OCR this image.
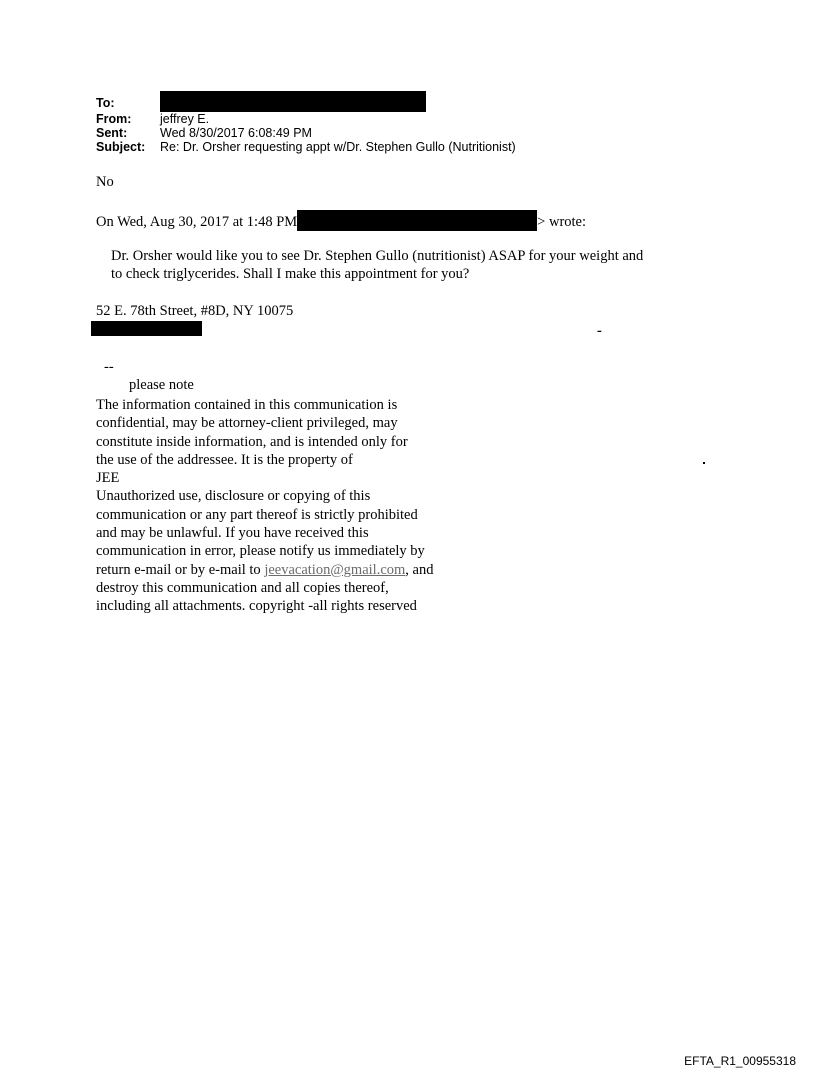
To:
From:	jeffrey E.
Sent:	Wed 8/30/2017 6:08:49 PM
Subject:	Re: Dr. Orsher requesting appt w/Dr. Stephen Gullo (Nutritionist)
No
On Wed, Aug 30, 2017 at 1:48 PM	> wrote:
Dr. Orsher would like you to see Dr. Stephen Gullo (nutritionist) ASAP for your weight and
to check triglycerides. Shall I make this appointment for you?
52 E. 78th Street, #8D, NY 10075
-
--
please note
The information contained in this communication is
confidential, may be attorney-client privileged, may
constitute inside information, and is intended only for
the use of the addressee. It is the property of
JEE
Unauthorized use, disclosure or copying of this
communication or any part thereof is strictly prohibited
and may be unlawful. If you have received this
communication in error, please notify us immediately by
return e-mail or by e-mail to jeevacation@gmail.com, and
destroy this communication and all copies thereof,
including all attachments. copyright -all rights reserved
EFTA_R1_00955318
